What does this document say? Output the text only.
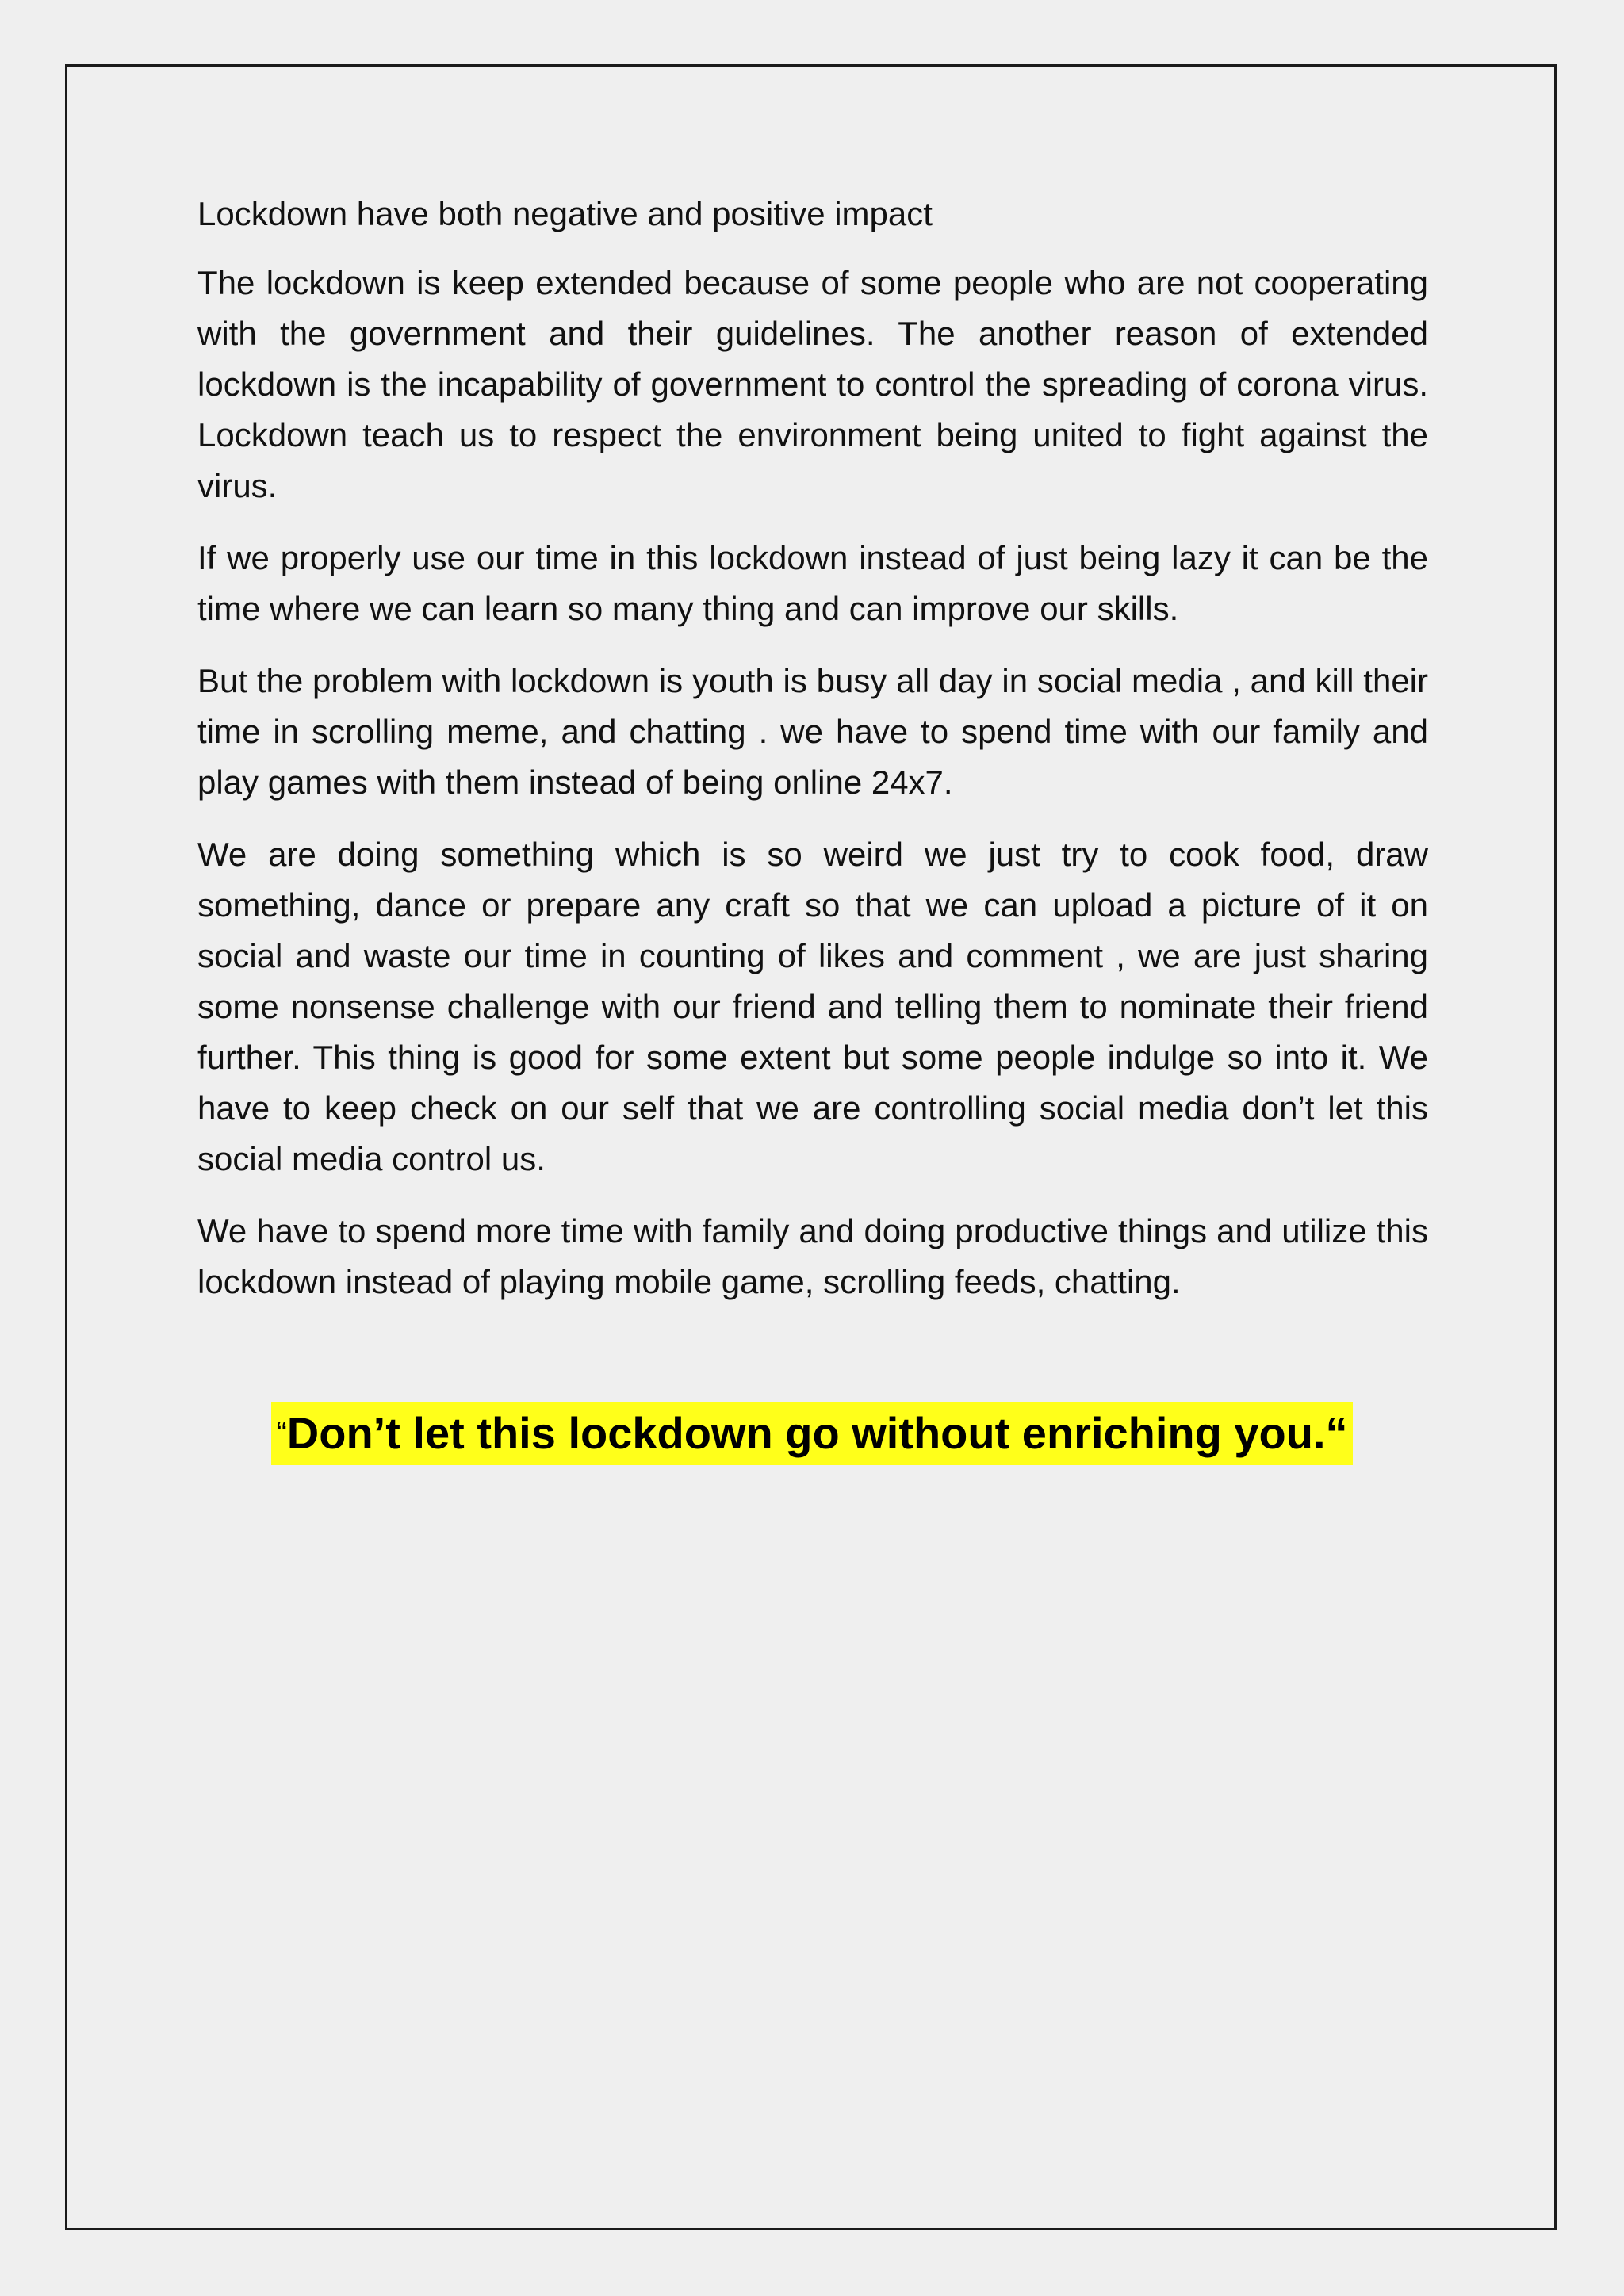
Lockdown have both negative and positive impact

The lockdown is keep extended because of some people who are not cooperating with the government and their guidelines. The another reason of extended lockdown is the incapability of government to control the spreading of corona virus. Lockdown teach us to respect the environment being united to fight against the virus.

If we properly use our time in this lockdown instead of just being lazy it can be the time where we can learn so many thing and can improve our skills.

But the problem with lockdown is youth is busy all day in social media , and kill their time in scrolling meme, and chatting . we have to spend time with our family and play games with them instead of being online 24x7.

We are doing something which is so weird we just try to cook food, draw something, dance or prepare any craft so that we can upload a picture of it on social and waste our time in counting of likes and comment , we are just sharing some nonsense challenge with our friend and telling them to nominate their friend further. This thing is good for some extent but some people indulge so into it. We have to keep check on our self that we are controlling social media don’t let this social media control us.

We have to spend more time with family and doing productive things and utilize this lockdown instead of playing mobile game, scrolling feeds, chatting.

“Don’t let this lockdown go without enriching you.“
